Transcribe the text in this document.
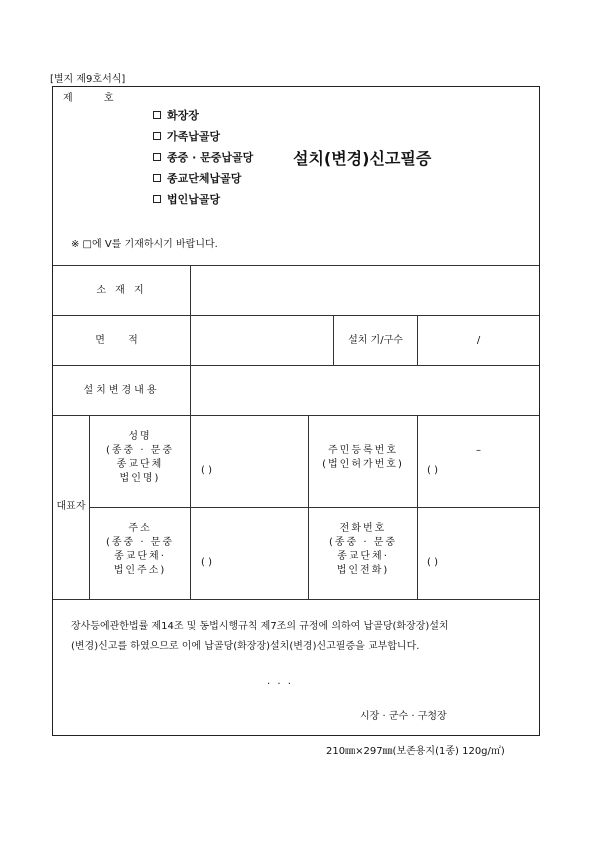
[별지 제9호서식]
제 호
화장장
가족납골당
종중 · 문중납골당
종교단체납골당
법인납골당
설치(변경)신고필증
※ □에 V를 기재하시기 바랍니다.
소 재 지
면 적	설치 기/구수	/
설치변경내용
대표자
성명
(종중 · 문중
종교단체
법인명)
( )
주민등록번호
(법인허가번호)
–
( )
주소
(종중 · 문중
종교단체·
법인주소)
( )
전화번호
(종중 · 문중
종교단체·
법인전화)
( )
장사등에관한법률 제14조 및 동법시행규칙 제7조의 규정에 의하여 납골당(화장장)설치
(변경)신고를 하였으므로 이에 납골당(화장장)설치(변경)신고필증을 교부합니다.
. . .
시장 · 군수 · 구청장
210㎜×297㎜(보존용지(1종) 120g/㎡)
